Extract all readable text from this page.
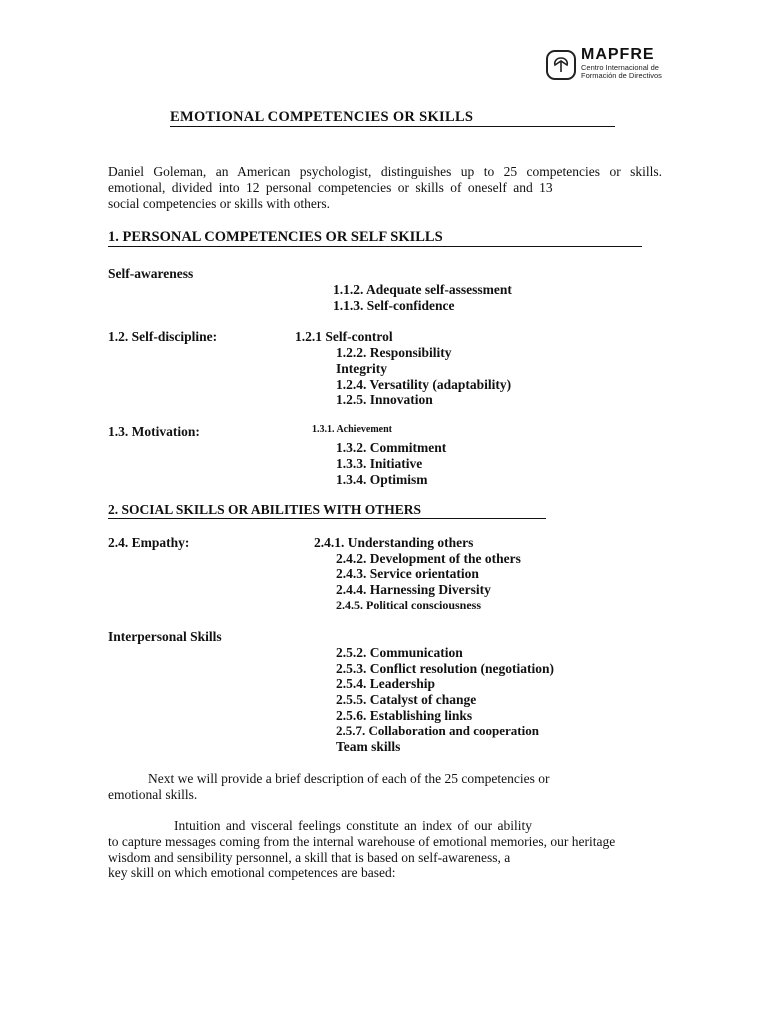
MAPFRE
Centro Internacional de
Formación de Directivos
EMOTIONAL COMPETENCIES OR SKILLS
Daniel Goleman, an American psychologist, distinguishes up to 25 competencies or skills.
emotional, divided into 12 personal competencies or skills of oneself and 13
social competencies or skills with others.
1. PERSONAL COMPETENCIES OR SELF SKILLS
Self-awareness
1.1.2. Adequate self-assessment
1.1.3. Self-confidence
1.2. Self-discipline:	1.2.1 Self-control
1.2.2. Responsibility
Integrity
1.2.4. Versatility (adaptability)
1.2.5. Innovation
1.3. Motivation:	1.3.1. Achievement
1.3.2. Commitment
1.3.3. Initiative
1.3.4. Optimism
2. SOCIAL SKILLS OR ABILITIES WITH OTHERS
2.4. Empathy:	2.4.1. Understanding others
2.4.2. Development of the others
2.4.3. Service orientation
2.4.4. Harnessing Diversity
2.4.5. Political consciousness
Interpersonal Skills
2.5.2. Communication
2.5.3. Conflict resolution (negotiation)
2.5.4. Leadership
2.5.5. Catalyst of change
2.5.6. Establishing links
2.5.7. Collaboration and cooperation
Team skills
Next we will provide a brief description of each of the 25 competencies or
emotional skills.
Intuition and visceral feelings constitute an index of our ability
to capture messages coming from the internal warehouse of emotional memories, our heritage
wisdom and sensibility personnel, a skill that is based on self-awareness, a
key skill on which emotional competences are based:
